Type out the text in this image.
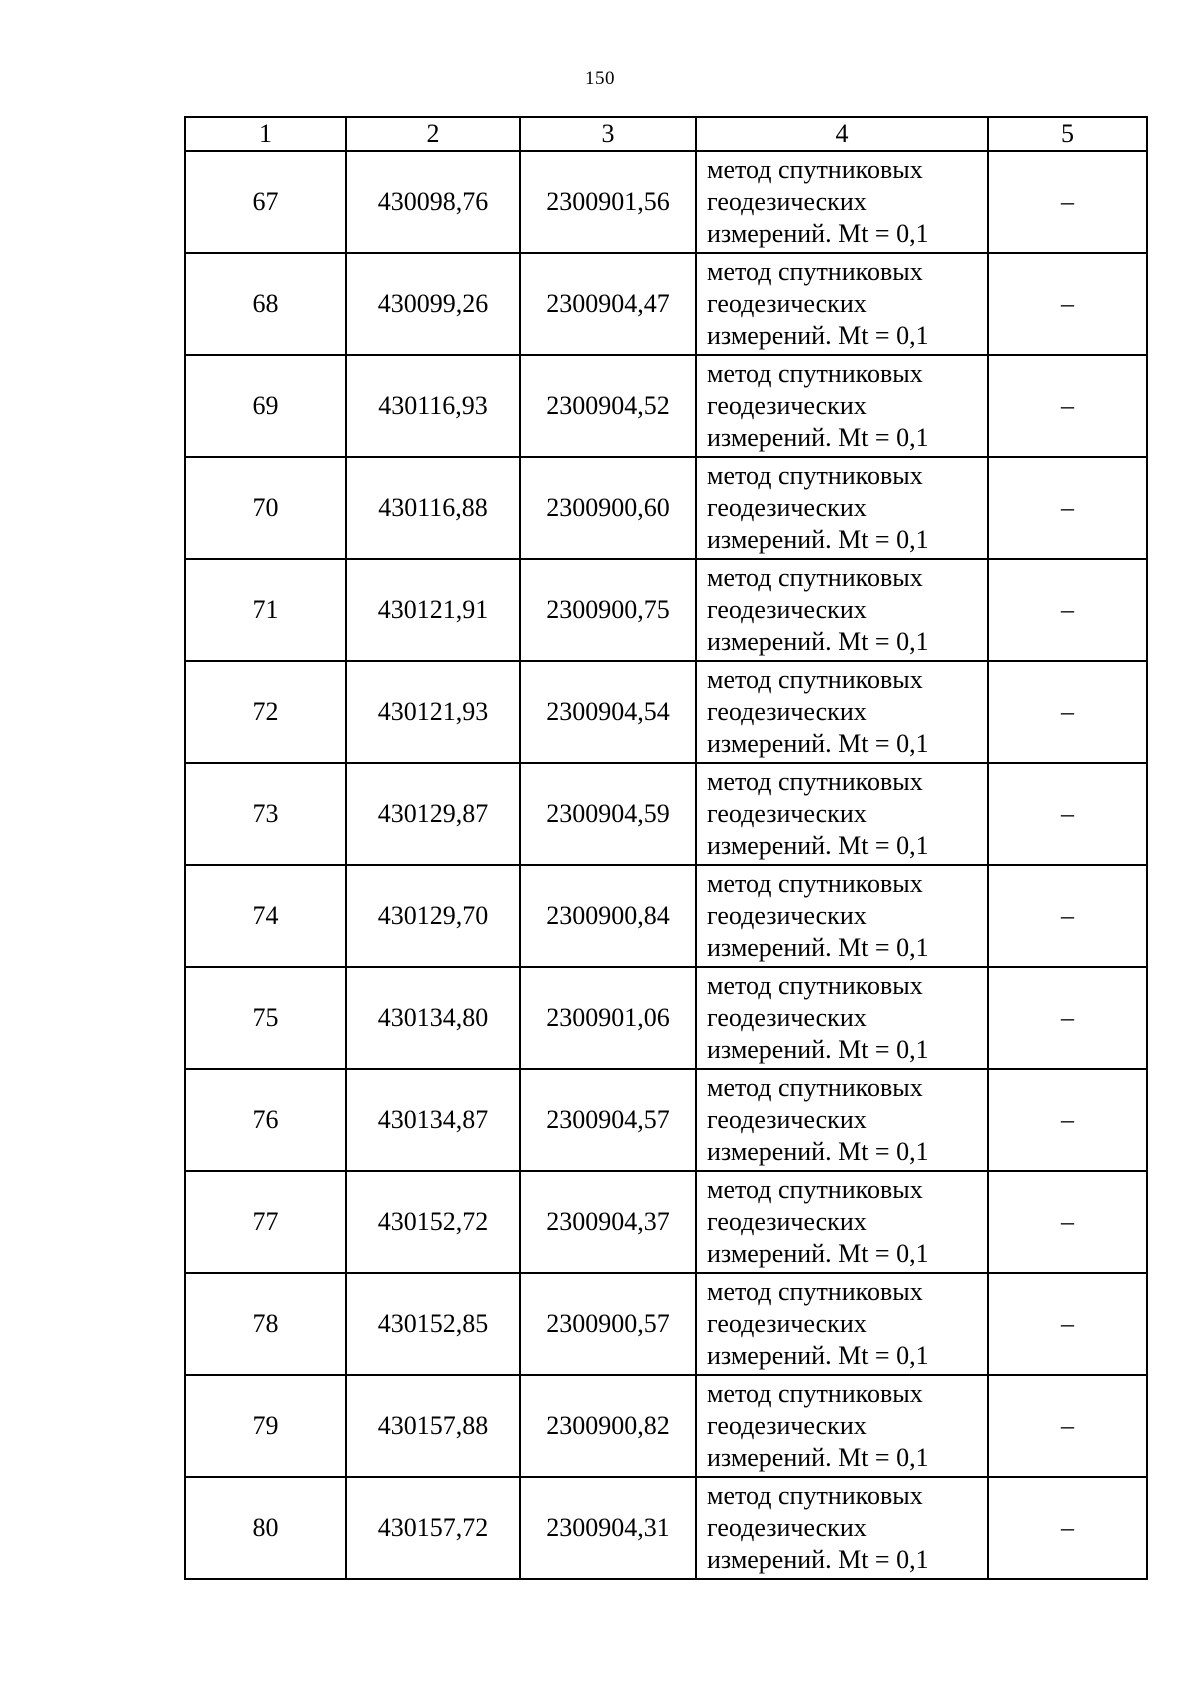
150
1	2	3	4	5
67	430098,76	2300901,56	метод спутниковых
геодезических
измерений. Mt = 0,1	–
68	430099,26	2300904,47	метод спутниковых
геодезических
измерений. Mt = 0,1	–
69	430116,93	2300904,52	метод спутниковых
геодезических
измерений. Mt = 0,1	–
70	430116,88	2300900,60	метод спутниковых
геодезических
измерений. Mt = 0,1	–
71	430121,91	2300900,75	метод спутниковых
геодезических
измерений. Mt = 0,1	–
72	430121,93	2300904,54	метод спутниковых
геодезических
измерений. Mt = 0,1	–
73	430129,87	2300904,59	метод спутниковых
геодезических
измерений. Mt = 0,1	–
74	430129,70	2300900,84	метод спутниковых
геодезических
измерений. Mt = 0,1	–
75	430134,80	2300901,06	метод спутниковых
геодезических
измерений. Mt = 0,1	–
76	430134,87	2300904,57	метод спутниковых
геодезических
измерений. Mt = 0,1	–
77	430152,72	2300904,37	метод спутниковых
геодезических
измерений. Mt = 0,1	–
78	430152,85	2300900,57	метод спутниковых
геодезических
измерений. Mt = 0,1	–
79	430157,88	2300900,82	метод спутниковых
геодезических
измерений. Mt = 0,1	–
80	430157,72	2300904,31	метод спутниковых
геодезических
измерений. Mt = 0,1	–
